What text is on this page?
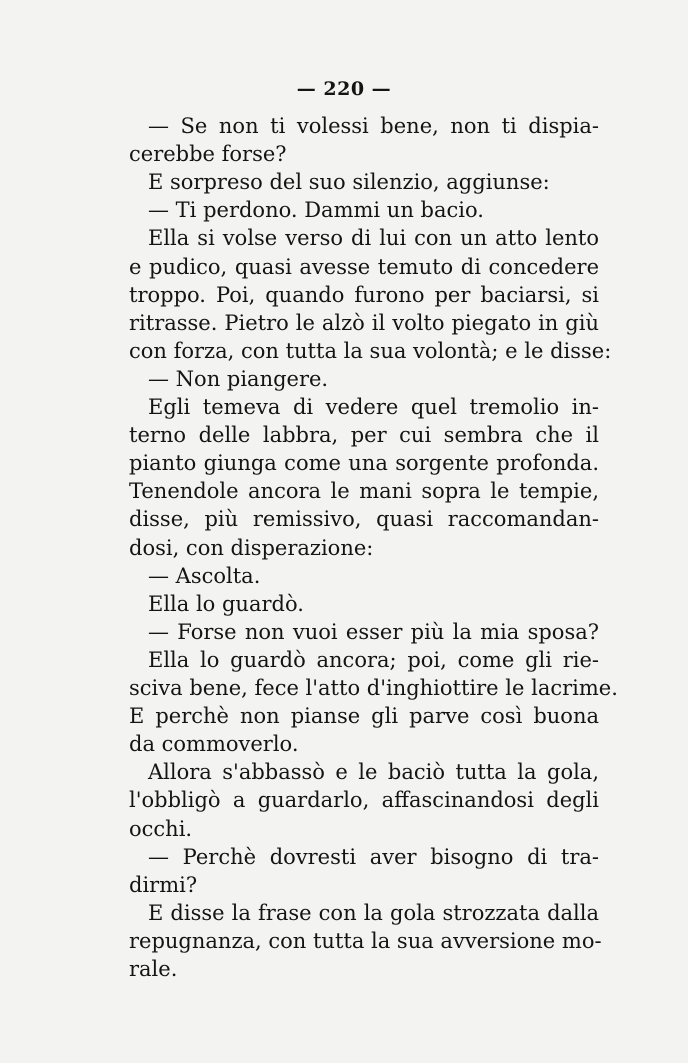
— 220 —
— Se non ti volessi bene, non ti dispia-
cerebbe forse?
E sorpreso del suo silenzio, aggiunse:
— Ti perdono. Dammi un bacio.
Ella si volse verso di lui con un atto lento
e pudico, quasi avesse temuto di concedere
troppo. Poi, quando furono per baciarsi, si
ritrasse. Pietro le alzò il volto piegato in giù
con forza, con tutta la sua volontà; e le disse:
— Non piangere.
Egli temeva di vedere quel tremolio in-
terno delle labbra, per cui sembra che il
pianto giunga come una sorgente profonda.
Tenendole ancora le mani sopra le tempie,
disse, più remissivo, quasi raccomandan-
dosi, con disperazione:
— Ascolta.
Ella lo guardò.
— Forse non vuoi esser più la mia sposa?
Ella lo guardò ancora; poi, come gli rie-
sciva bene, fece l'atto d'inghiottire le lacrime.
E perchè non pianse gli parve così buona
da commoverlo.
Allora s'abbassò e le baciò tutta la gola,
l'obbligò a guardarlo, affascinandosi degli
occhi.
— Perchè dovresti aver bisogno di tra-
dirmi?
E disse la frase con la gola strozzata dalla
repugnanza, con tutta la sua avversione mo-
rale.
